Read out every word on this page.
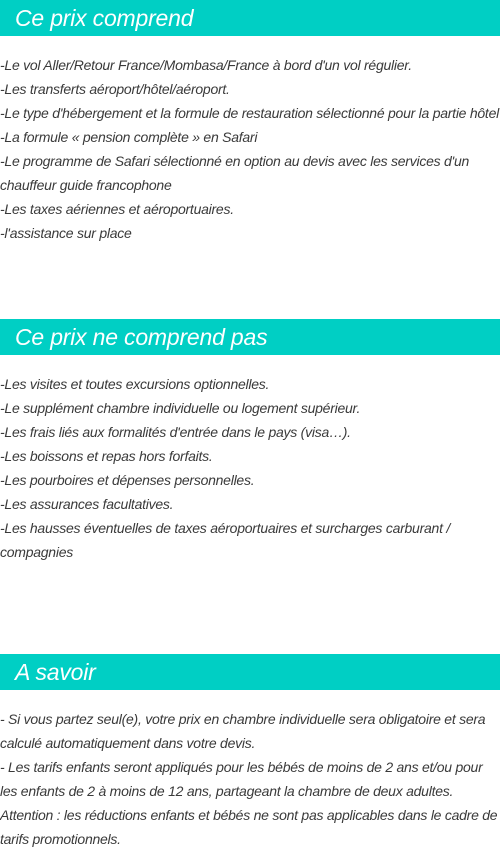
Ce prix comprend
-Le vol Aller/Retour France/Mombasa/France à bord d'un vol régulier.
-Les transferts aéroport/hôtel/aéroport.
-Le type d'hébergement et la formule de restauration sélectionné pour la partie hôtel
-La formule « pension complète » en Safari
-Le programme de Safari sélectionné en option au devis avec les services d'un chauffeur guide francophone
-Les taxes aériennes et aéroportuaires.
-l'assistance sur place
Ce prix ne comprend pas
-Les visites et toutes excursions optionnelles.
-Le supplément chambre individuelle ou logement supérieur.
-Les frais liés aux formalités d'entrée dans le pays (visa…).
-Les boissons et repas hors forfaits.
-Les pourboires et dépenses personnelles.
-Les assurances facultatives.
-Les hausses éventuelles de taxes aéroportuaires et surcharges carburant / compagnies
A savoir
- Si vous partez seul(e), votre prix en chambre individuelle sera obligatoire et sera calculé automatiquement dans votre devis.
- Les tarifs enfants seront appliqués pour les bébés de moins de 2 ans et/ou pour les enfants de 2 à moins de 12 ans, partageant la chambre de deux adultes.
Attention : les réductions enfants et bébés ne sont pas applicables dans le cadre de tarifs promotionnels.
